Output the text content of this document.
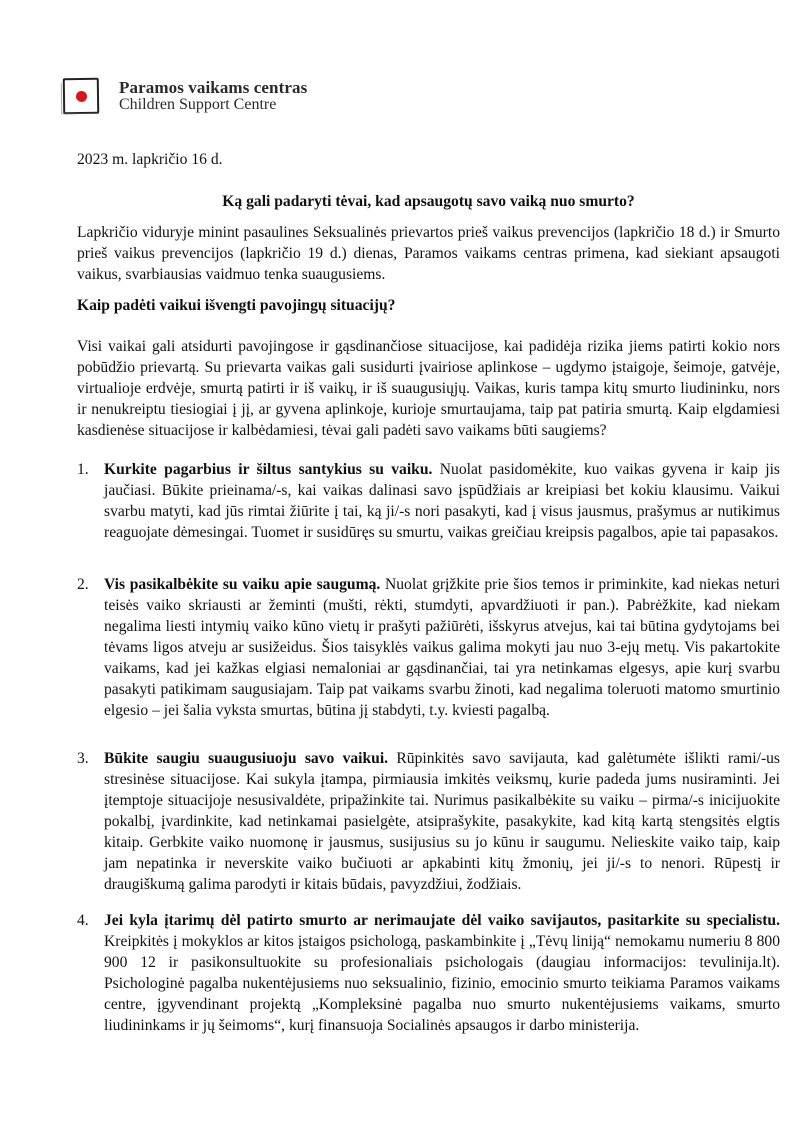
Paramos vaikams centras
Children Support Centre
2023 m. lapkričio 16 d.
Ką gali padaryti tėvai, kad apsaugotų savo vaiką nuo smurto?
Lapkričio viduryje minint pasaulines Seksualinės prievartos prieš vaikus prevencijos (lapkričio 18 d.) ir Smurto prieš vaikus prevencijos (lapkričio 19 d.) dienas, Paramos vaikams centras primena, kad siekiant apsaugoti vaikus, svarbiausias vaidmuo tenka suaugusiems.
Kaip padėti vaikui išvengti pavojingų situacijų?
Visi vaikai gali atsidurti pavojingose ir gąsdinančiose situacijose, kai padidėja rizika jiems patirti kokio nors pobūdžio prievartą. Su prievarta vaikas gali susidurti įvairiose aplinkose – ugdymo įstaigoje, šeimoje, gatvėje, virtualioje erdvėje, smurtą patirti ir iš vaikų, ir iš suaugusiųjų. Vaikas, kuris tampa kitų smurto liudininku, nors ir nenukreiptu tiesiogiai į jį, ar gyvena aplinkoje, kurioje smurtaujama, taip pat patiria smurtą. Kaip elgdamiesi kasdienėse situacijose ir kalbėdamiesi, tėvai gali padėti savo vaikams būti saugiems?
1. Kurkite pagarbius ir šiltus santykius su vaiku. Nuolat pasidomėkite, kuo vaikas gyvena ir kaip jis jaučiasi. Būkite prieinama/-s, kai vaikas dalinasi savo įspūdžiais ar kreipiasi bet kokiu klausimu. Vaikui svarbu matyti, kad jūs rimtai žiūrite į tai, ką ji/-s nori pasakyti, kad į visus jausmus, prašymus ar nutikimus reaguojate dėmesingai. Tuomet ir susidūręs su smurtu, vaikas greičiau kreipsis pagalbos, apie tai papasakos.
2. Vis pasikalbėkite su vaiku apie saugumą. Nuolat grįžkite prie šios temos ir priminkite, kad niekas neturi teisės vaiko skriausti ar žeminti (mušti, rėkti, stumdyti, apvardžiuoti ir pan.). Pabrėžkite, kad niekam negalima liesti intymių vaiko kūno vietų ir prašyti pažiūrėti, išskyrus atvejus, kai tai būtina gydytojams bei tėvams ligos atveju ar susižeidus. Šios taisyklės vaikus galima mokyti jau nuo 3-ejų metų. Vis pakartokite vaikams, kad jei kažkas elgiasi nemaloniai ar gąsdinančiai, tai yra netinkamas elgesys, apie kurį svarbu pasakyti patikimam saugusiajam. Taip pat vaikams svarbu žinoti, kad negalima toleruoti matomo smurtinio elgesio – jei šalia vyksta smurtas, būtina jį stabdyti, t.y. kviesti pagalbą.
3. Būkite saugiu suaugusiuoju savo vaikui. Rūpinkitės savo savijauta, kad galėtumėte išlikti rami/-us stresinėse situacijose. Kai sukyla įtampa, pirmiausia imkitės veiksmų, kurie padeda jums nusiraminti. Jei įtemptoje situacijoje nesusivaldėte, pripažinkite tai. Nurimus pasikalbėkite su vaiku – pirma/-s inicijuokite pokalbį, įvardinkite, kad netinkamai pasielgėte, atsiprašykite, pasakykite, kad kitą kartą stengsitės elgtis kitaip. Gerbkite vaiko nuomonę ir jausmus, susijusius su jo kūnu ir saugumu. Nelieskite vaiko taip, kaip jam nepatinka ir neverskite vaiko bučiuoti ar apkabinti kitų žmonių, jei ji/-s to nenori. Rūpestį ir draugiškumą galima parodyti ir kitais būdais, pavyzdžiui, žodžiais.
4. Jei kyla įtarimų dėl patirto smurto ar nerimaujate dėl vaiko savijautos, pasitarkite su specialistu. Kreipkitės į mokyklos ar kitos įstaigos psichologą, paskambinkite į „Tėvų liniją“ nemokamu numeriu 8 800 900 12 ir pasikonsultuokite su profesionaliais psichologais (daugiau informacijos: tevulinija.lt). Psichologinė pagalba nukentėjusiems nuo seksualinio, fizinio, emocinio smurto teikiama Paramos vaikams centre, įgyvendinant projektą „Kompleksinė pagalba nuo smurto nukentėjusiems vaikams, smurto liudininkams ir jų šeimoms“, kurį finansuoja Socialinės apsaugos ir darbo ministerija.
